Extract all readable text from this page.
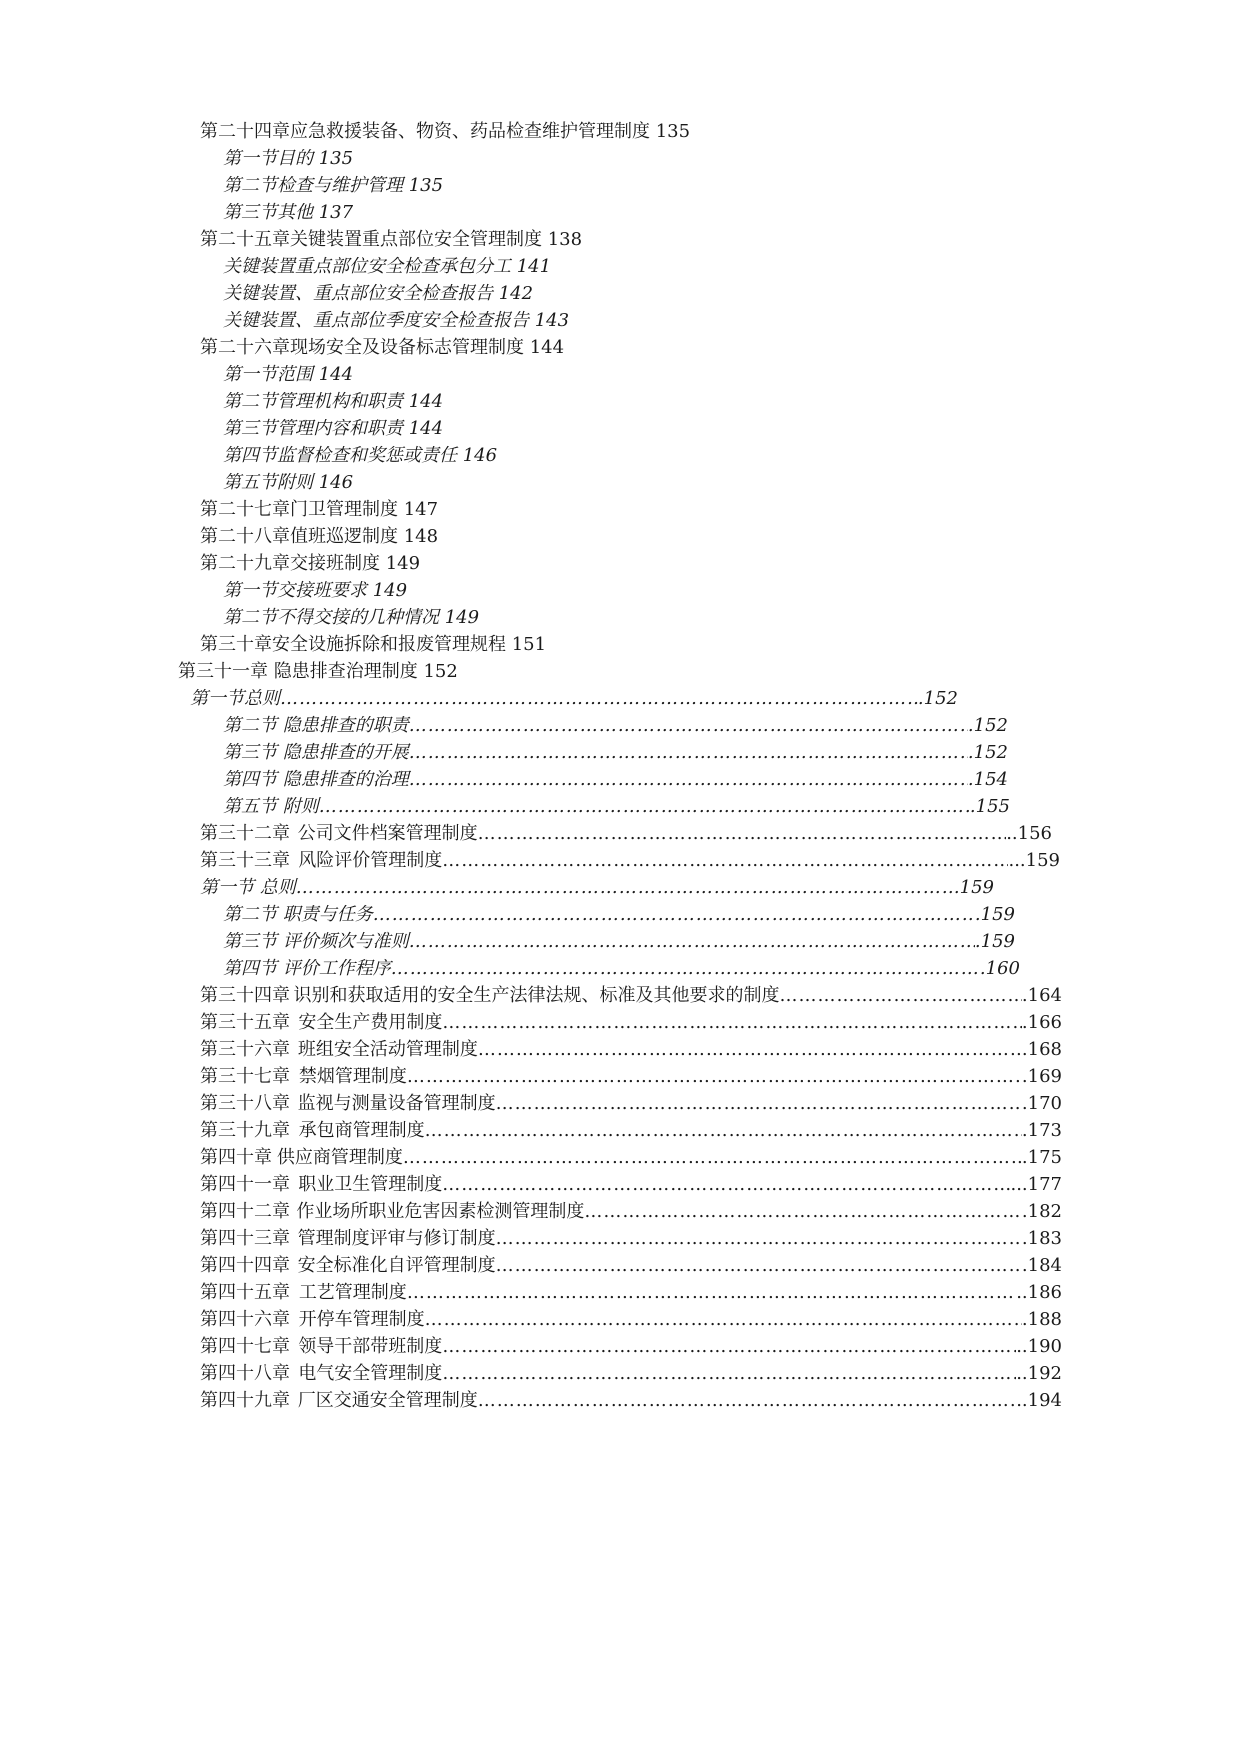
第二十四章应急救援装备、物资、药品检查维护管理制度 135
第一节目的 135
第二节检查与维护管理 135
第三节其他 137
第二十五章关键装置重点部位安全管理制度 138
关键装置重点部位安全检查承包分工 141
关键装置、重点部位安全检查报告 142
关键装置、重点部位季度安全检查报告 143
第二十六章现场安全及设备标志管理制度 144
第一节范围 144
第二节管理机构和职责 144
第三节管理内容和职责 144
第四节监督检查和奖惩或责任 146
第五节附则 146
第二十七章门卫管理制度 147
第二十八章值班巡逻制度 148
第二十九章交接班制度 149
第一节交接班要求 149
第二节不得交接的几种情况 149
第三十章安全设施拆除和报废管理规程 151
第三十一章 隐患排查治理制度 152
第一节总则 ……………………………………………………………………………………………………………………………………………………………………………………………………………………	.152
第二节 隐患排查的职责 ……………………………………………………………………………………………………………………………………………………………………………………………………………………	.152
第三节 隐患排查的开展 ……………………………………………………………………………………………………………………………………………………………………………………………………………………	.152
第四节 隐患排查的治理 ……………………………………………………………………………………………………………………………………………………………………………………………………………………	.154
第五节 附则 ……………………………………………………………………………………………………………………………………………………………………………………………………………………	.155
第三十二章 公司文件档案管理制度 ……………………………………………………………………………………………………………………………………………………………………………………………………………………	..156
第三十三章 风险评价管理制度 ……………………………………………………………………………………………………………………………………………………………………………………………………………………	...159
第一节 总则 ……………………………………………………………………………………………………………………………………………………………………………………………………………………	.159
第二节 职责与任务 ……………………………………………………………………………………………………………………………………………………………………………………………………………………	.159
第三节 评价频次与准则 ……………………………………………………………………………………………………………………………………………………………………………………………………………………	.159
第四节 评价工作程序 ……………………………………………………………………………………………………………………………………………………………………………………………………………………	.160
第三十四章 识别和获取适用的安全生产法律法规、标准及其他要求的制度 ……………………………………………………………………………………………………………………………………………………………………………………………………………………	.164
第三十五章 安全生产费用制度 ……………………………………………………………………………………………………………………………………………………………………………………………………………………	.166
第三十六章 班组安全活动管理制度 ……………………………………………………………………………………………………………………………………………………………………………………………………………………	.168
第三十七章 禁烟管理制度 ……………………………………………………………………………………………………………………………………………………………………………………………………………………	.169
第三十八章 监视与测量设备管理制度 ……………………………………………………………………………………………………………………………………………………………………………………………………………………	.170
第三十九章 承包商管理制度 ……………………………………………………………………………………………………………………………………………………………………………………………………………………	.173
第四十章 供应商管理制度 ……………………………………………………………………………………………………………………………………………………………………………………………………………………	.175
第四十一章 职业卫生管理制度 ……………………………………………………………………………………………………………………………………………………………………………………………………………………	...177
第四十二章 作业场所职业危害因素检测管理制度 ……………………………………………………………………………………………………………………………………………………………………………………………………………………	.182
第四十三章 管理制度评审与修订制度 ……………………………………………………………………………………………………………………………………………………………………………………………………………………	.183
第四十四章 安全标准化自评管理制度 ……………………………………………………………………………………………………………………………………………………………………………………………………………………	.184
第四十五章 工艺管理制度 ……………………………………………………………………………………………………………………………………………………………………………………………………………………	..186
第四十六章 开停车管理制度 ……………………………………………………………………………………………………………………………………………………………………………………………………………………	.188
第四十七章 领导干部带班制度 ……………………………………………………………………………………………………………………………………………………………………………………………………………………	..190
第四十八章 电气安全管理制度 ……………………………………………………………………………………………………………………………………………………………………………………………………………………	..192
第四十九章 厂区交通安全管理制度 ……………………………………………………………………………………………………………………………………………………………………………………………………………………	..194
